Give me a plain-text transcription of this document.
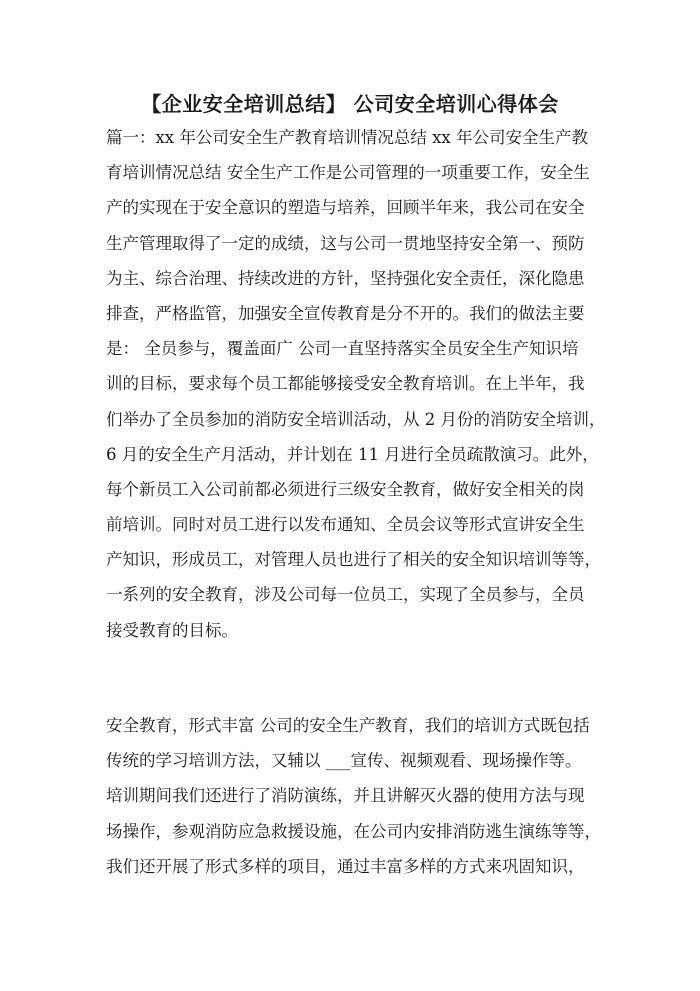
【企业安全培训总结】 公司安全培训心得体会
篇一：xx 年公司安全生产教育培训情况总结 xx 年公司安全生产教
育培训情况总结 安全生产工作是公司管理的一项重要工作，安全生
产的实现在于安全意识的塑造与培养，回顾半年来，我公司在安全
生产管理取得了一定的成绩，这与公司一贯地坚持安全第一、预防
为主、综合治理、持续改进的方针，坚持强化安全责任，深化隐患
排查，严格监管，加强安全宣传教育是分不开的。我们的做法主要
是： 全员参与，覆盖面广 公司一直坚持落实全员安全生产知识培
训的目标，要求每个员工都能够接受安全教育培训。在上半年，我
们举办了全员参加的消防安全培训活动，从 2 月份的消防安全培训，
6 月的安全生产月活动，并计划在 11 月进行全员疏散演习。此外，
每个新员工入公司前都必须进行三级安全教育，做好安全相关的岗
前培训。同时对员工进行以发布通知、全员会议等形式宣讲安全生
产知识，形成员工，对管理人员也进行了相关的安全知识培训等等，
一系列的安全教育，涉及公司每一位员工，实现了全员参与，全员
接受教育的目标。
安全教育，形式丰富 公司的安全生产教育，我们的培训方式既包括
传统的学习培训方法，又辅以 ___宣传、视频观看、现场操作等。
培训期间我们还进行了消防演练，并且讲解灭火器的使用方法与现
场操作，参观消防应急救援设施，在公司内安排消防逃生演练等等，
我们还开展了形式多样的项目，通过丰富多样的方式来巩固知识，
